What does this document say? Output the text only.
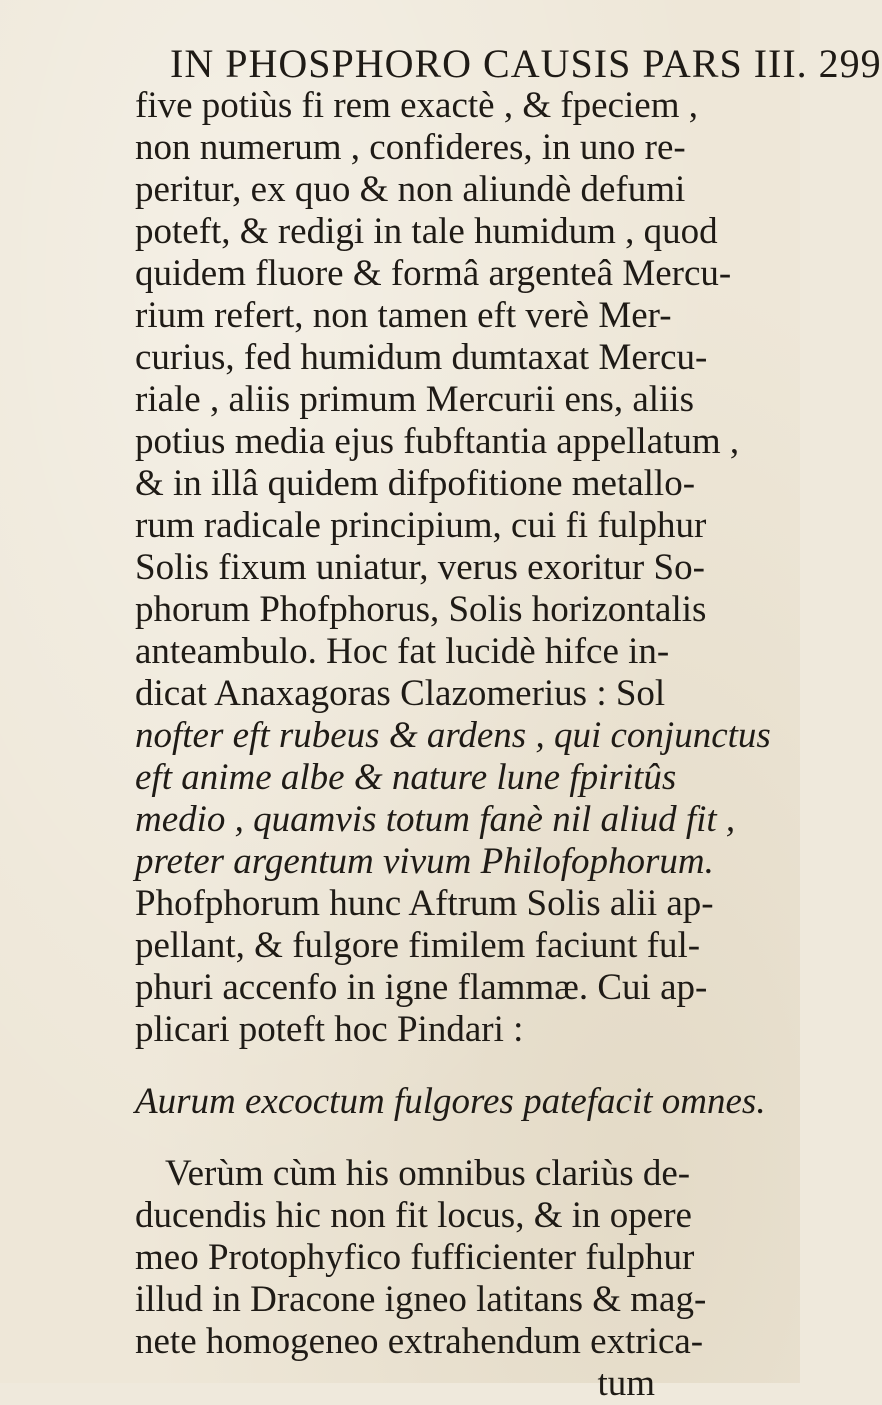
IN PHOSPHORO CAUSIS PARS III. 299
five potiùs fi rem exactè , & fpeciem ,
non numerum , confideres, in uno re-
peritur, ex quo & non aliundè defumi
poteft, & redigi in tale humidum , quod
quidem fluore & formâ argenteâ Mercu-
rium refert, non tamen eft verè Mer-
curius, fed humidum dumtaxat Mercu-
riale , aliis primum Mercurii ens, aliis
potius media ejus fubftantia appellatum ,
& in illâ quidem difpofitione metallo-
rum radicale principium, cui fi fulphur
Solis fixum uniatur, verus exoritur So-
phorum Phofphorus, Solis horizontalis
anteambulo. Hoc fat lucidè hifce in-
dicat Anaxagoras Clazomerius : Sol
nofter eft rubeus & ardens , qui conjunctus
eft anime albe & nature lune fpiritûs
medio , quamvis totum fanè nil aliud fit ,
preter argentum vivum Philofophorum.
Phofphorum hunc Aftrum Solis alii ap-
pellant, & fulgore fimilem faciunt ful-
phuri accenfo in igne flammæ. Cui ap-
plicari poteft hoc Pindari :
Aurum excoctum fulgores patefacit omnes.
Verùm cùm his omnibus clariùs de-
ducendis hic non fit locus, & in opere
meo Protophyfico fufficienter fulphur
illud in Dracone igneo latitans & mag-
nete homogeneo extrahendum extrica-
tum
